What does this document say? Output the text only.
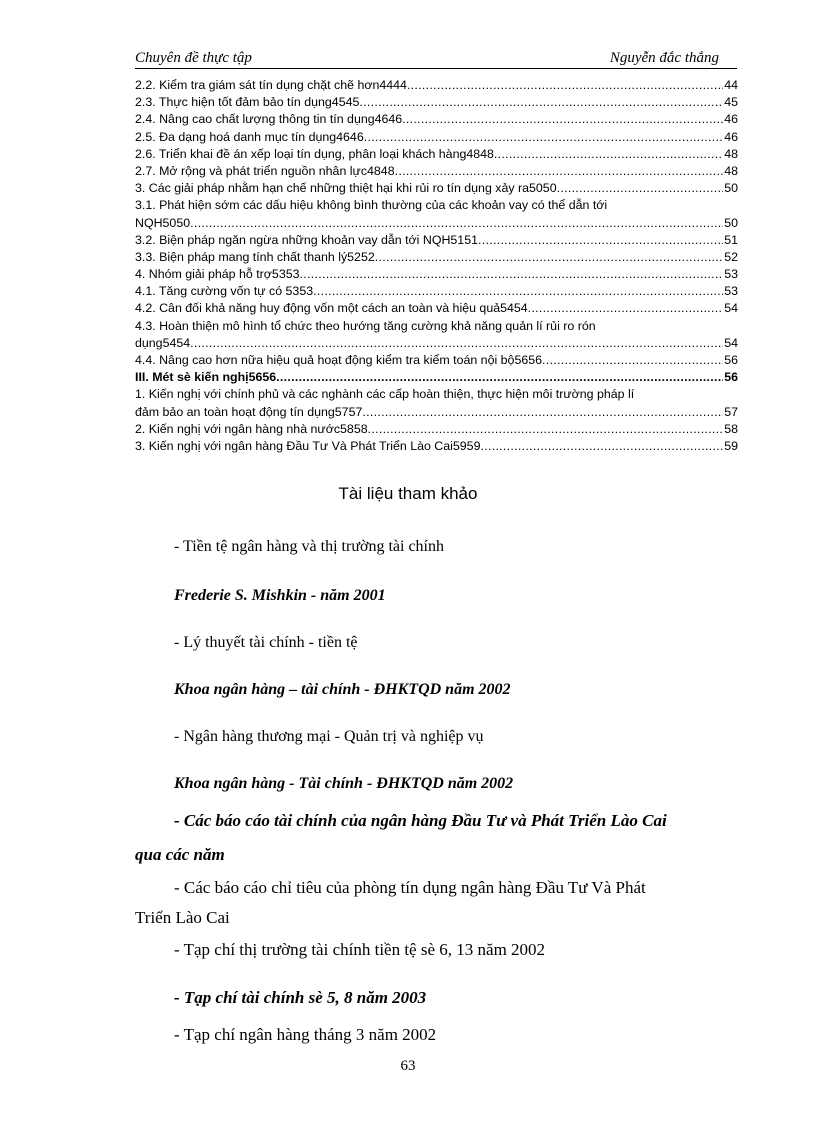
Chuyên đề thực tập	Nguyễn đắc thắng
2.2. Kiểm tra giám sát tín dụng chặt chẽ hơn4444 .....	44
2.3. Thực hiện tốt đảm bảo tín dụng4545 .....	45
2.4. Nâng cao chất lượng thông tin tín dụng4646 .....	46
2.5. Đa dạng hoá danh mục tín dụng4646 .....	46
2.6. Triển khai đề án xếp loại tín dụng, phân loại khách hàng4848 .....	48
2.7. Mở rộng và phát triển nguồn nhân lực4848 .....	48
3. Các giải pháp nhằm hạn chế những thiệt hại khi rủi ro tín dụng xảy ra5050 .....	50
3.1. Phát hiện sớm các dấu hiệu không bình thường của các khoản vay có thể dẫn tới
NQH5050 .....	50
3.2. Biện pháp ngăn ngừa những khoản vay dẫn tới NQH5151 .....	51
3.3. Biện pháp mang tính chất thanh lý5252 .....	52
4. Nhóm giải pháp hỗ trợ5353 .....	53
4.1. Tăng cường vốn tự có 5353 .....	53
4.2. Cân đối khả năng huy động vốn một cách an toàn và hiệu quả5454 .....	54
4.3. Hoàn thiện mô hình tổ chức theo hướng tăng cường khả năng quản lí rủi ro rón
dụng5454 .....	54
4.4. Nâng cao hơn nữa hiệu quả hoạt động kiểm tra kiểm toán nội bộ5656 .....	56
III. Mét sè kiến nghị5656 .....	56
1. Kiến nghị với chính phủ và các nghành các cấp hoàn thiện, thực hiện môi trường pháp lí
đảm bảo an toàn hoạt động tín dụng5757 .....	57
2. Kiến nghị với ngân hàng nhà nước5858 .....	58
3. Kiến nghị với ngân hàng Đầu Tư Và Phát Triển Lào Cai5959 .....	59
Tài liệu tham khảo
- Tiền tệ ngân hàng và thị trường tài chính
Frederie S. Mishkin - năm 2001
- Lý thuyết tài chính - tiền tệ
Khoa ngân hàng – tài chính - ĐHKTQD năm 2002
- Ngân hàng thương mại - Quản trị và nghiệp vụ
Khoa ngân hàng - Tài chính - ĐHKTQD năm 2002
- Các báo cáo tài chính của ngân hàng Đầu Tư và Phát Triển Lào Cai
qua các năm
- Các báo cáo chỉ tiêu của phòng tín dụng ngân hàng Đầu Tư Và Phát
Triển Lào Cai
- Tạp chí thị trường tài chính tiền tệ sè 6, 13 năm 2002
- Tạp chí tài chính sè 5, 8 năm 2003
- Tạp chí ngân hàng tháng 3 năm 2002
63
